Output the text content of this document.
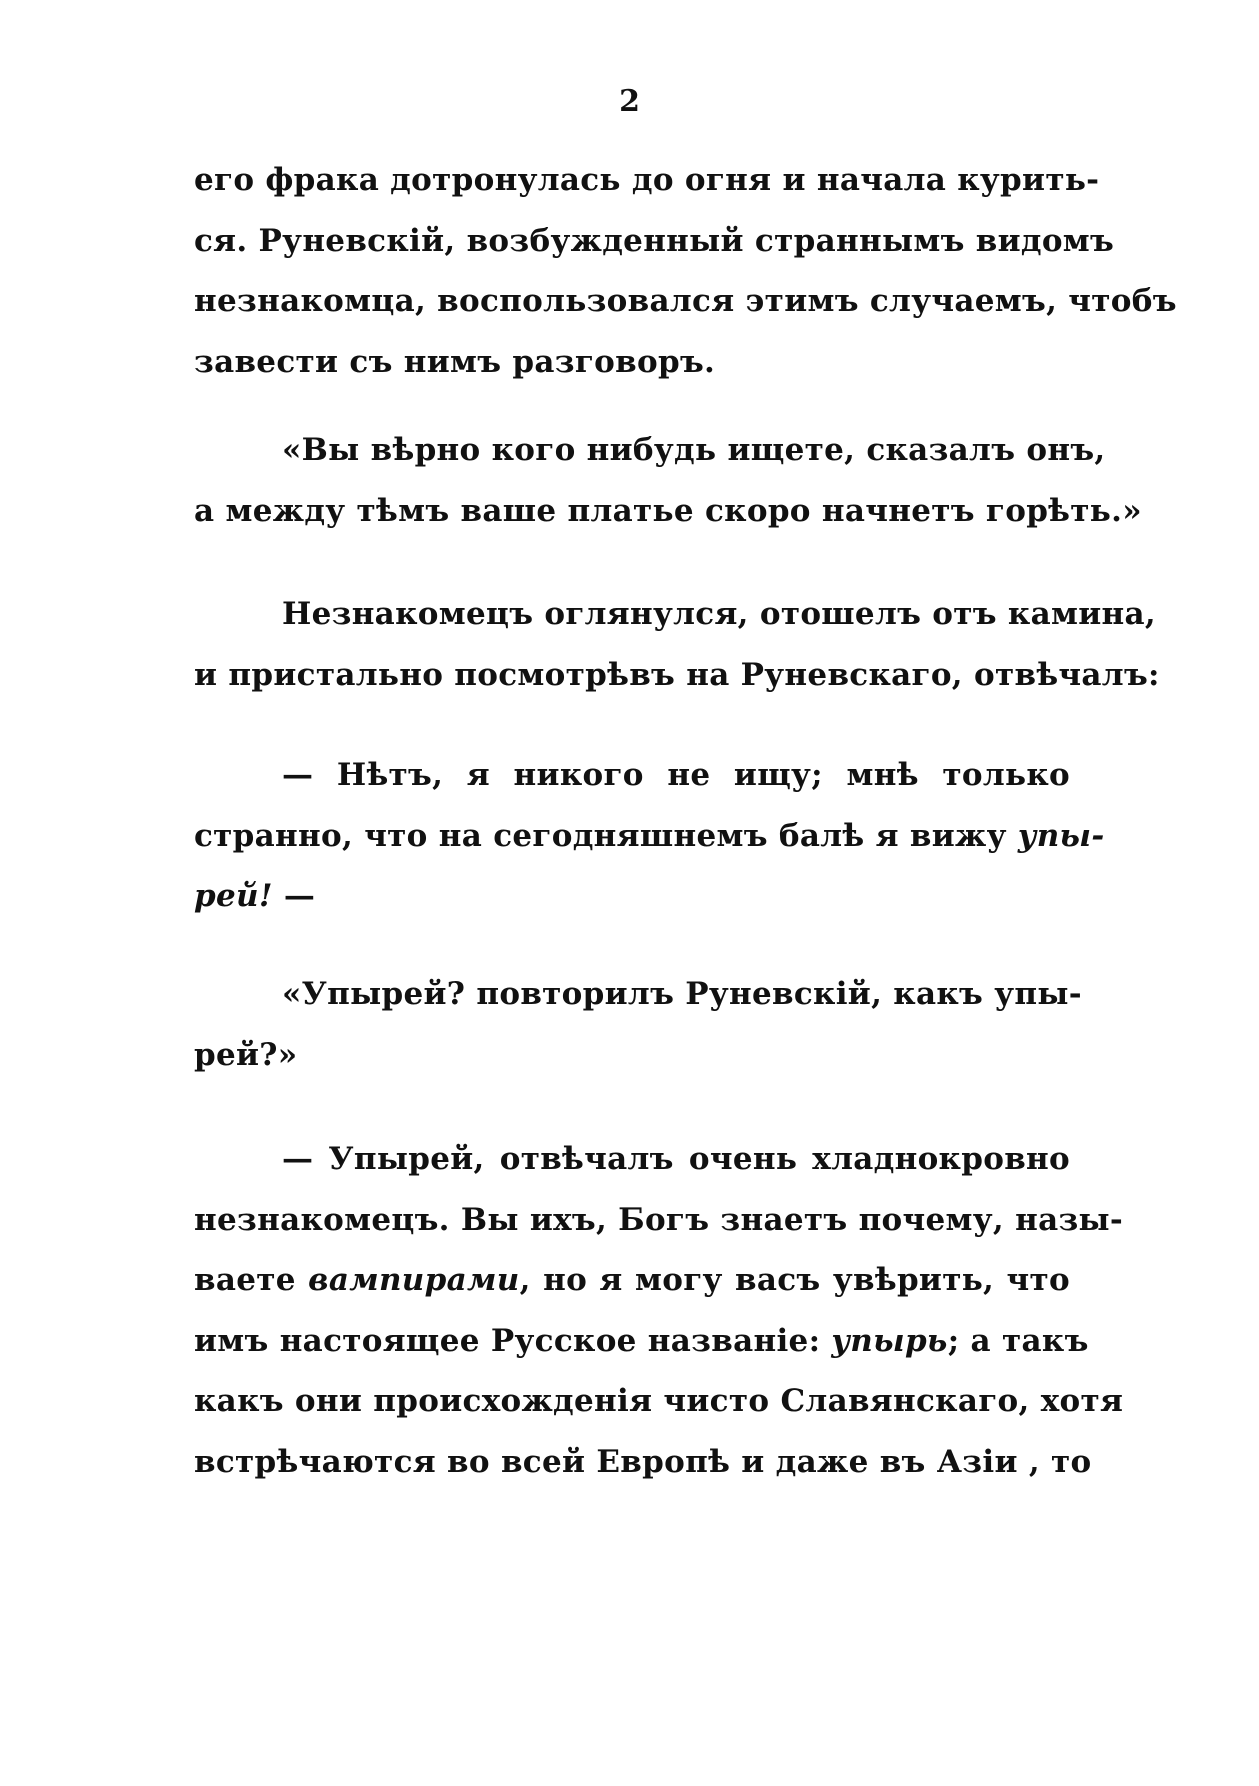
2
его фрака дотронулась до огня и начала курить-
ся. Руневскій, возбужденный страннымъ видомъ
незнакомца, воспользовался этимъ случаемъ, чтобъ
завести съ нимъ разговоръ.
«Вы вѣрно кого нибудь ищете, сказалъ онъ,
а между тѣмъ ваше платье скоро начнетъ горѣть.»
Незнакомецъ оглянулся, отошелъ отъ камина,
и пристально посмотрѣвъ на Руневскаго, отвѣчалъ:
— Нѣтъ, я никого не ищу; мнѣ только
странно, что на сегодняшнемъ балѣ я вижу упы-
рей! —
«Упырей? повторилъ Руневскій, какъ упы-
рей?»
— Упырей, отвѣчалъ очень хладнокровно
незнакомецъ. Вы ихъ, Богъ знаетъ почему, назы-
ваете вампирами, но я могу васъ увѣрить, что
имъ настоящее Русское названіе: упырь; а такъ
какъ они происхожденія чисто Славянскаго, хотя
встрѣчаются во всей Европѣ и даже въ Азіи , то
